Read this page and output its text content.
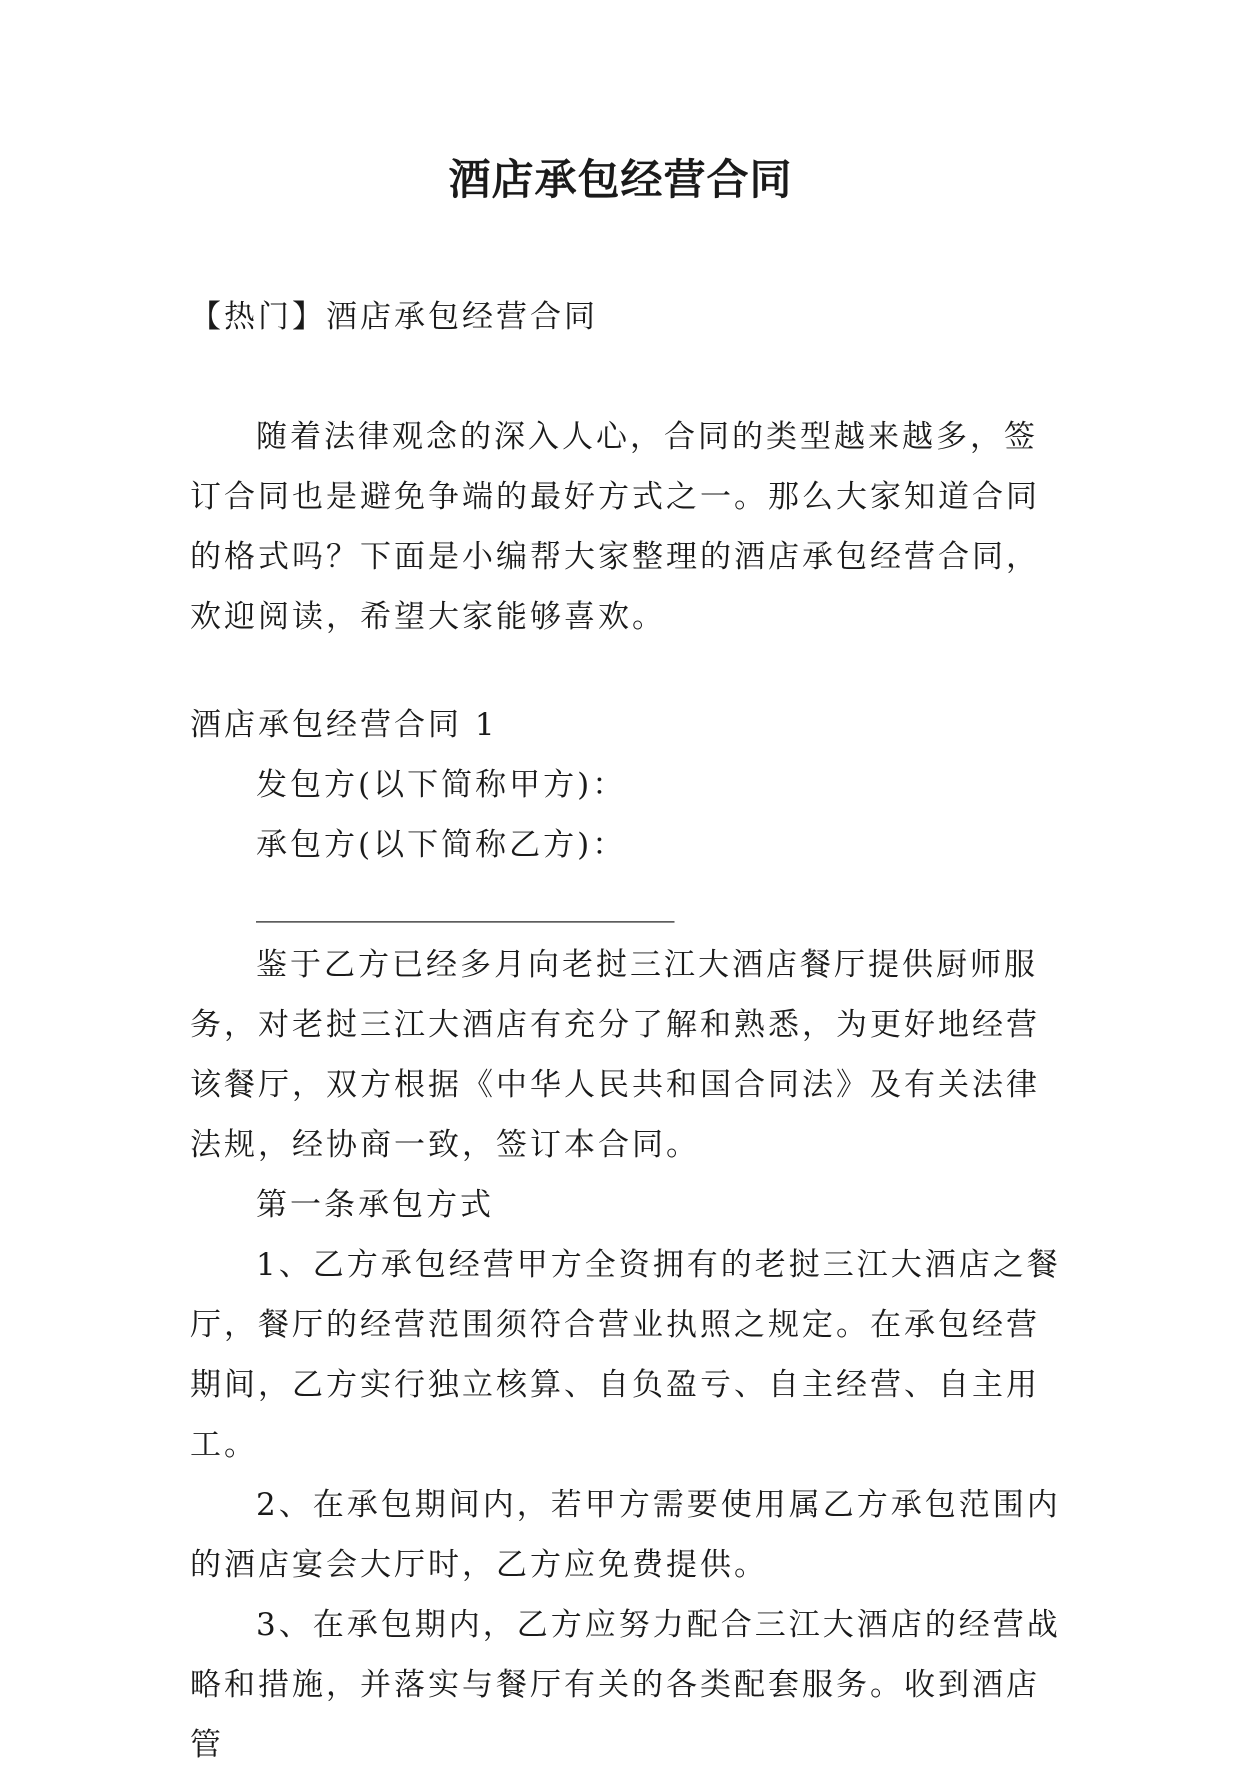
酒店承包经营合同

【热门】酒店承包经营合同

随着法律观念的深入人心，合同的类型越来越多，签订合同也是避免争端的最好方式之一。那么大家知道合同的格式吗？下面是小编帮大家整理的酒店承包经营合同，欢迎阅读，希望大家能够喜欢。

酒店承包经营合同 1

发包方(以下简称甲方)：

承包方(以下简称乙方)：___________________________

鉴于乙方已经多月向老挝三江大酒店餐厅提供厨师服务，对老挝三江大酒店有充分了解和熟悉，为更好地经营该餐厅，双方根据《中华人民共和国合同法》及有关法律法规，经协商一致，签订本合同。

第一条承包方式

1、乙方承包经营甲方全资拥有的老挝三江大酒店之餐厅，餐厅的经营范围须符合营业执照之规定。在承包经营期间，乙方实行独立核算、自负盈亏、自主经营、自主用工。

2、在承包期间内，若甲方需要使用属乙方承包范围内的酒店宴会大厅时，乙方应免费提供。

3、在承包期内，乙方应努力配合三江大酒店的经营战略和措施，并落实与餐厅有关的各类配套服务。收到酒店管
